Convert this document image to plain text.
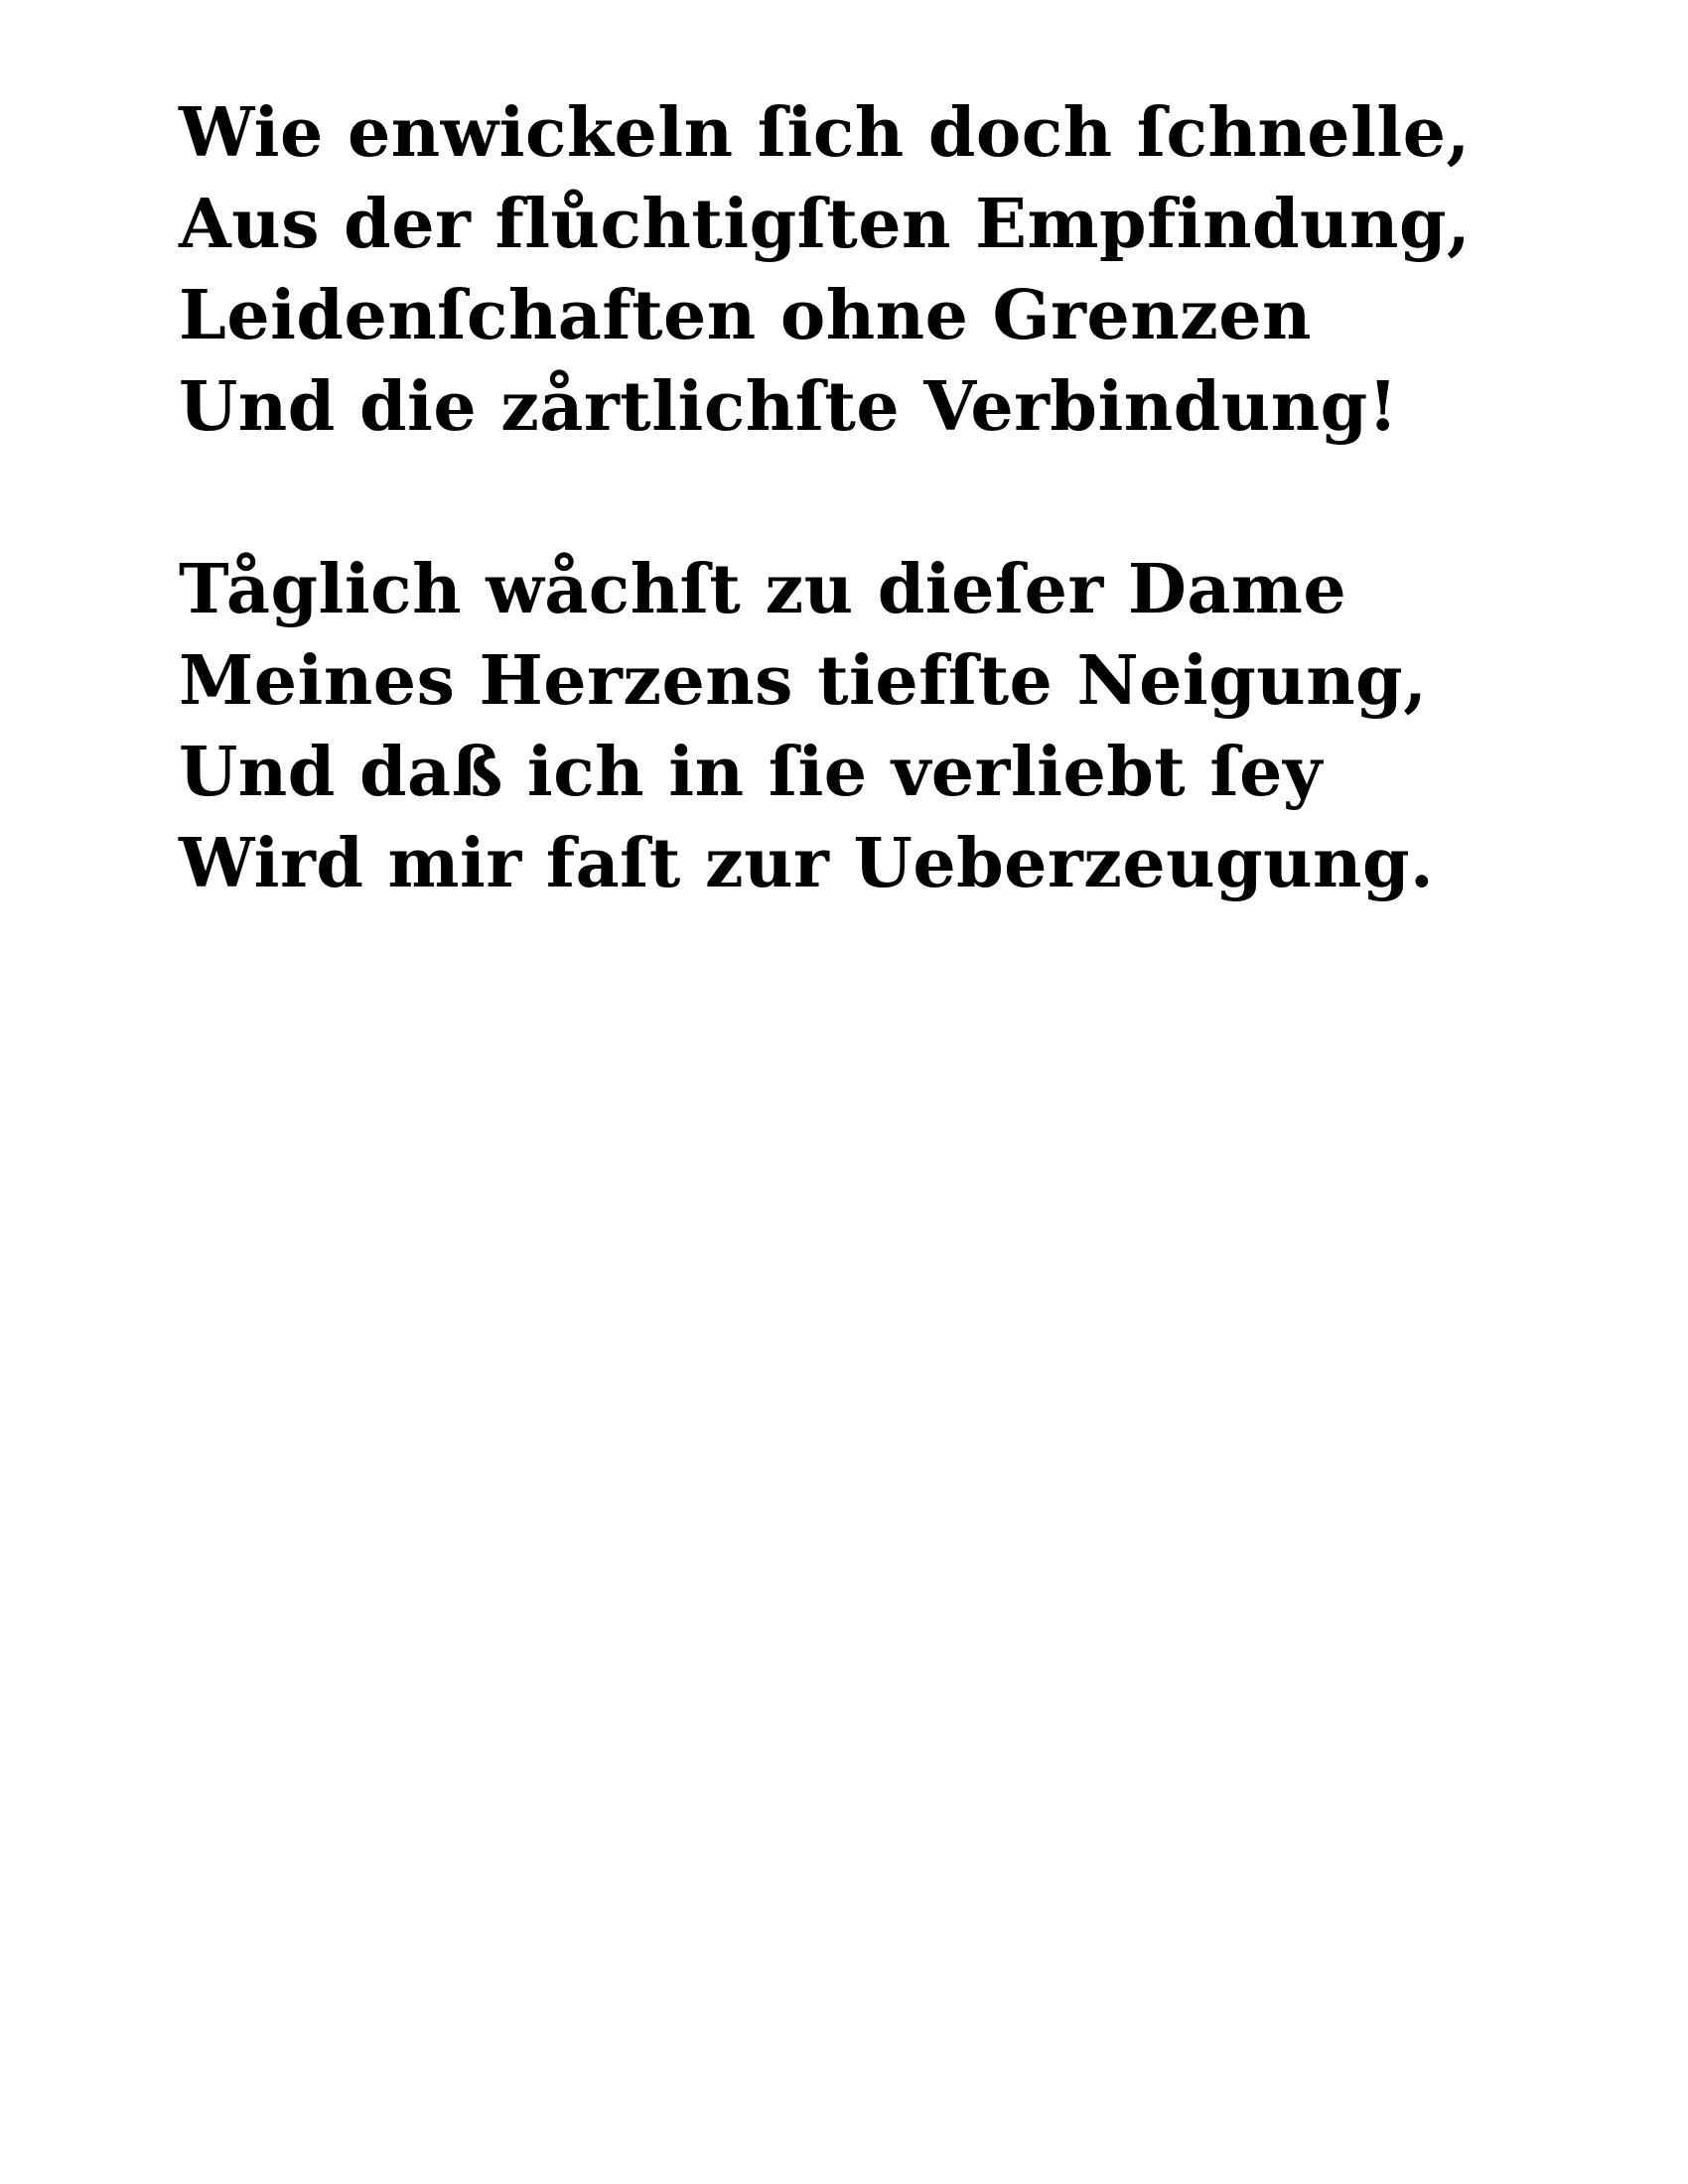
Wie enwickeln ſich doch ſchnelle,
Aus der flůchtigſten Empfindung,
Leidenſchaften ohne Grenzen
Und die zårtlichſte Verbindung!
Tåglich wåchſt zu dieſer Dame
Meines Herzens tiefſte Neigung,
Und daß ich in ſie verliebt ſey
Wird mir faſt zur Ueberzeugung.
